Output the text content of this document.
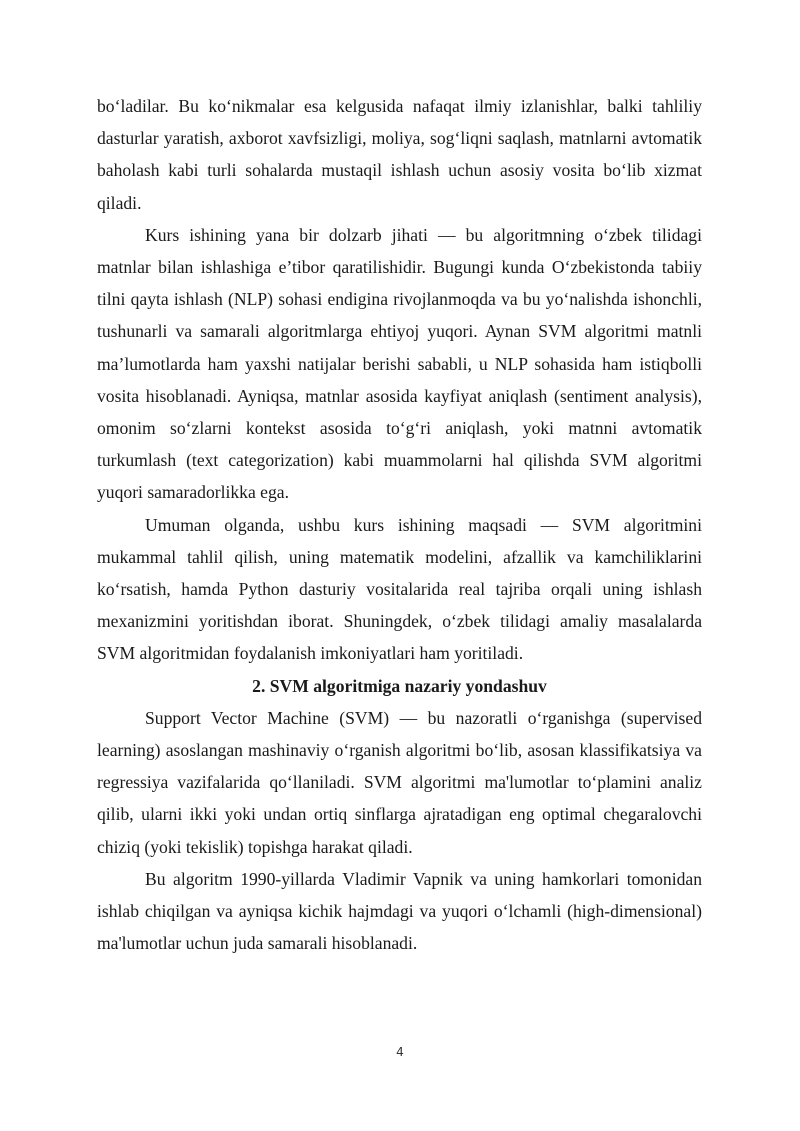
bo‘ladilar. Bu ko‘nikmalar esa kelgusida nafaqat ilmiy izlanishlar, balki tahliliy dasturlar yaratish, axborot xavfsizligi, moliya, sog‘liqni saqlash, matnlarni avtomatik baholash kabi turli sohalarda mustaqil ishlash uchun asosiy vosita bo‘lib xizmat qiladi.

Kurs ishining yana bir dolzarb jihati — bu algoritmning o‘zbek tilidagi matnlar bilan ishlashiga e’tibor qaratilishidir. Bugungi kunda O‘zbekistonda tabiiy tilni qayta ishlash (NLP) sohasi endigina rivojlanmoqda va bu yo‘nalishda ishonchli, tushunarli va samarali algoritmlarga ehtiyoj yuqori. Aynan SVM algoritmi matnli ma’lumotlarda ham yaxshi natijalar berishi sababli, u NLP sohasida ham istiqbolli vosita hisoblanadi. Ayniqsa, matnlar asosida kayfiyat aniqlash (sentiment analysis), omonim so‘zlarni kontekst asosida to‘g‘ri aniqlash, yoki matnni avtomatik turkumlash (text categorization) kabi muammolarni hal qilishda SVM algoritmi yuqori samaradorlikka ega.

Umuman olganda, ushbu kurs ishining maqsadi — SVM algoritmini mukammal tahlil qilish, uning matematik modelini, afzallik va kamchiliklarini ko‘rsatish, hamda Python dasturiy vositalarida real tajriba orqali uning ishlash mexanizmini yoritishdan iborat. Shuningdek, o‘zbek tilidagi amaliy masalalarda SVM algoritmidan foydalanish imkoniyatlari ham yoritiladi.

2. SVM algoritmiga nazariy yondashuv

Support Vector Machine (SVM) — bu nazoratli o‘rganishga (supervised learning) asoslangan mashinaviy o‘rganish algoritmi bo‘lib, asosan klassifikatsiya va regressiya vazifalarida qo‘llaniladi. SVM algoritmi ma'lumotlar to‘plamini analiz qilib, ularni ikki yoki undan ortiq sinflarga ajratadigan eng optimal chegaralovchi chiziq (yoki tekislik) topishga harakat qiladi.

Bu algoritm 1990-yillarda Vladimir Vapnik va uning hamkorlari tomonidan ishlab chiqilgan va ayniqsa kichik hajmdagi va yuqori o‘lchamli (high-dimensional) ma'lumotlar uchun juda samarali hisoblanadi.

4
